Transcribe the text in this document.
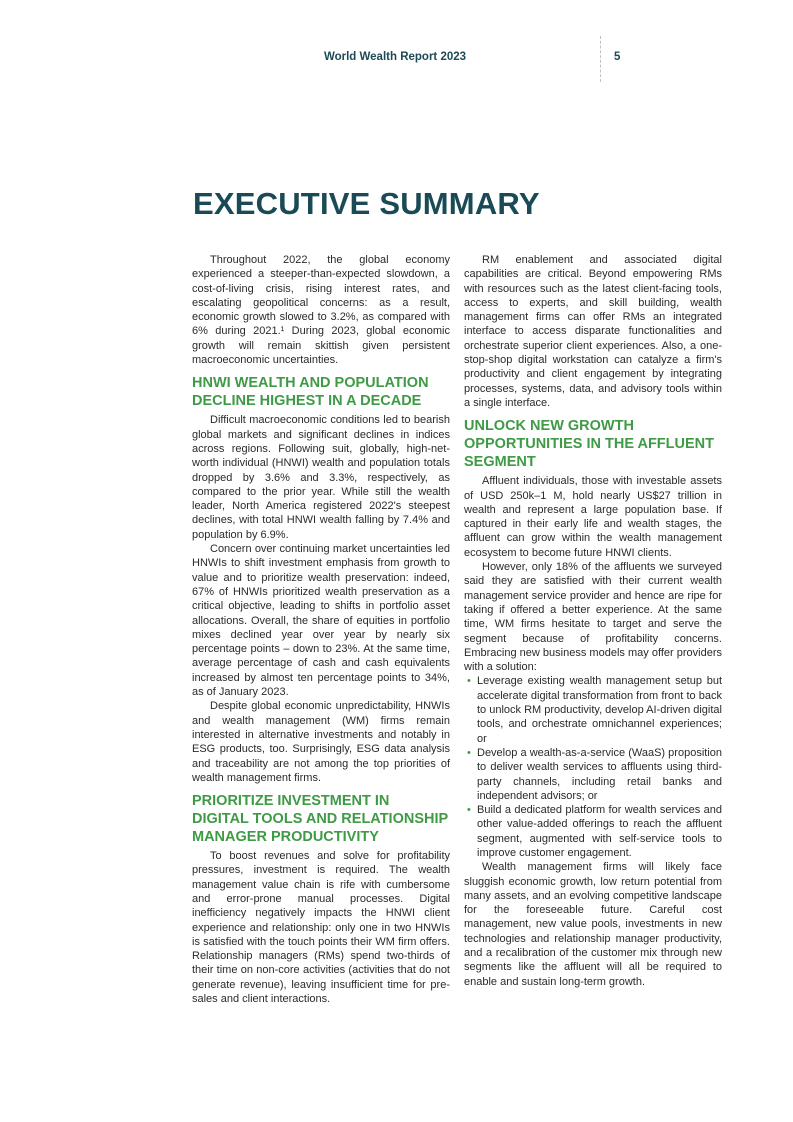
World Wealth Report 2023	5
EXECUTIVE SUMMARY

Throughout 2022, the global economy experienced a steeper-than-expected slowdown, a cost-of-living crisis, rising interest rates, and escalating geopolitical concerns: as a result, economic growth slowed to 3.2%, as compared with 6% during 2021.¹ During 2023, global economic growth will remain skittish given persistent macroeconomic uncertainties.

HNWI WEALTH AND POPULATION DECLINE HIGHEST IN A DECADE

Difficult macroeconomic conditions led to bearish global markets and significant declines in indices across regions. Following suit, globally, high-net-worth individual (HNWI) wealth and population totals dropped by 3.6% and 3.3%, respectively, as compared to the prior year. While still the wealth leader, North America registered 2022's steepest declines, with total HNWI wealth falling by 7.4% and population by 6.9%.

Concern over continuing market uncertainties led HNWIs to shift investment emphasis from growth to value and to prioritize wealth preservation: indeed, 67% of HNWIs prioritized wealth preservation as a critical objective, leading to shifts in portfolio asset allocations. Overall, the share of equities in portfolio mixes declined year over year by nearly six percentage points – down to 23%. At the same time, average percentage of cash and cash equivalents increased by almost ten percentage points to 34%, as of January 2023.

Despite global economic unpredictability, HNWIs and wealth management (WM) firms remain interested in alternative investments and notably in ESG products, too. Surprisingly, ESG data analysis and traceability are not among the top priorities of wealth management firms.

PRIORITIZE INVESTMENT IN DIGITAL TOOLS AND RELATIONSHIP MANAGER PRODUCTIVITY

To boost revenues and solve for profitability pressures, investment is required. The wealth management value chain is rife with cumbersome and error-prone manual processes. Digital inefficiency negatively impacts the HNWI client experience and relationship: only one in two HNWIs is satisfied with the touch points their WM firm offers. Relationship managers (RMs) spend two-thirds of their time on non-core activities (activities that do not generate revenue), leaving insufficient time for pre-sales and client interactions.

RM enablement and associated digital capabilities are critical. Beyond empowering RMs with resources such as the latest client-facing tools, access to experts, and skill building, wealth management firms can offer RMs an integrated interface to access disparate functionalities and orchestrate superior client experiences. Also, a one-stop-shop digital workstation can catalyze a firm's productivity and client engagement by integrating processes, systems, data, and advisory tools within a single interface.

UNLOCK NEW GROWTH OPPORTUNITIES IN THE AFFLUENT SEGMENT

Affluent individuals, those with investable assets of USD 250k–1 M, hold nearly US$27 trillion in wealth and represent a large population base. If captured in their early life and wealth stages, the affluent can grow within the wealth management ecosystem to become future HNWI clients.

However, only 18% of the affluents we surveyed said they are satisfied with their current wealth management service provider and hence are ripe for taking if offered a better experience. At the same time, WM firms hesitate to target and serve the segment because of profitability concerns. Embracing new business models may offer providers with a solution:

• Leverage existing wealth management setup but accelerate digital transformation from front to back to unlock RM productivity, develop AI-driven digital tools, and orchestrate omnichannel experiences; or
• Develop a wealth-as-a-service (WaaS) proposition to deliver wealth services to affluents using third-party channels, including retail banks and independent advisors; or
• Build a dedicated platform for wealth services and other value-added offerings to reach the affluent segment, augmented with self-service tools to improve customer engagement.

Wealth management firms will likely face sluggish economic growth, low return potential from many assets, and an evolving competitive landscape for the foreseeable future. Careful cost management, new value pools, investments in new technologies and relationship manager productivity, and a recalibration of the customer mix through new segments like the affluent will all be required to enable and sustain long-term growth.
